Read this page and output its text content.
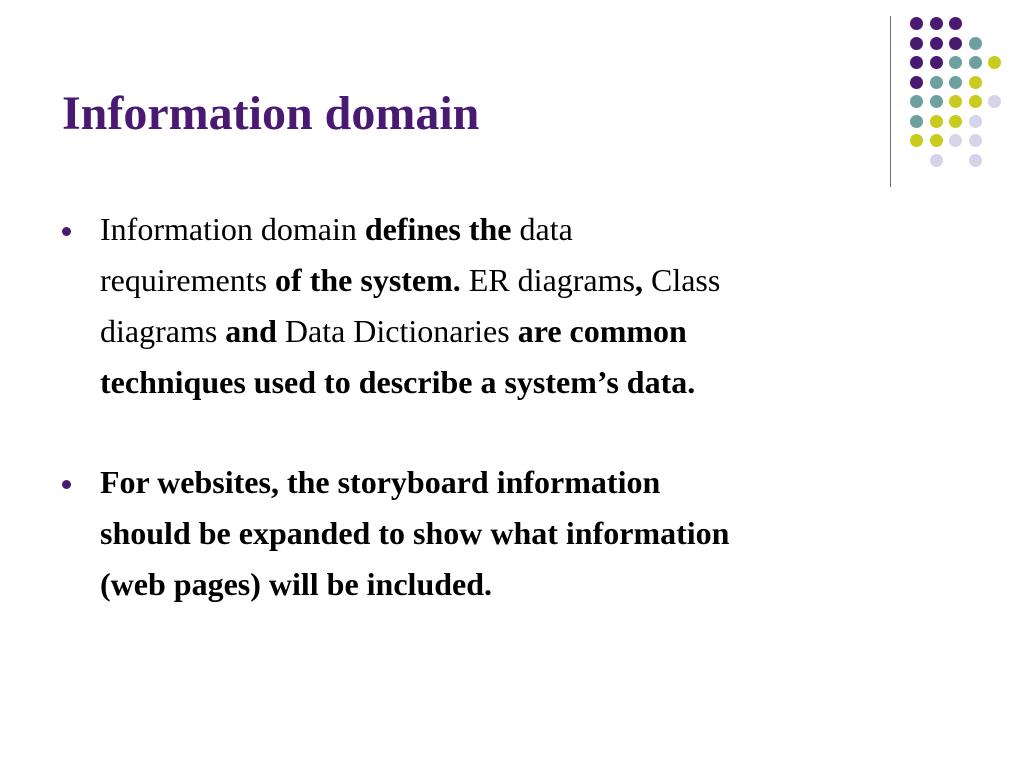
Information domain
Information domain defines the data
requirements of the system. ER diagrams, Class
diagrams and Data Dictionaries are common
techniques used to describe a system’s data.
For websites, the storyboard information
should be expanded to show what information
(web pages) will be included.
